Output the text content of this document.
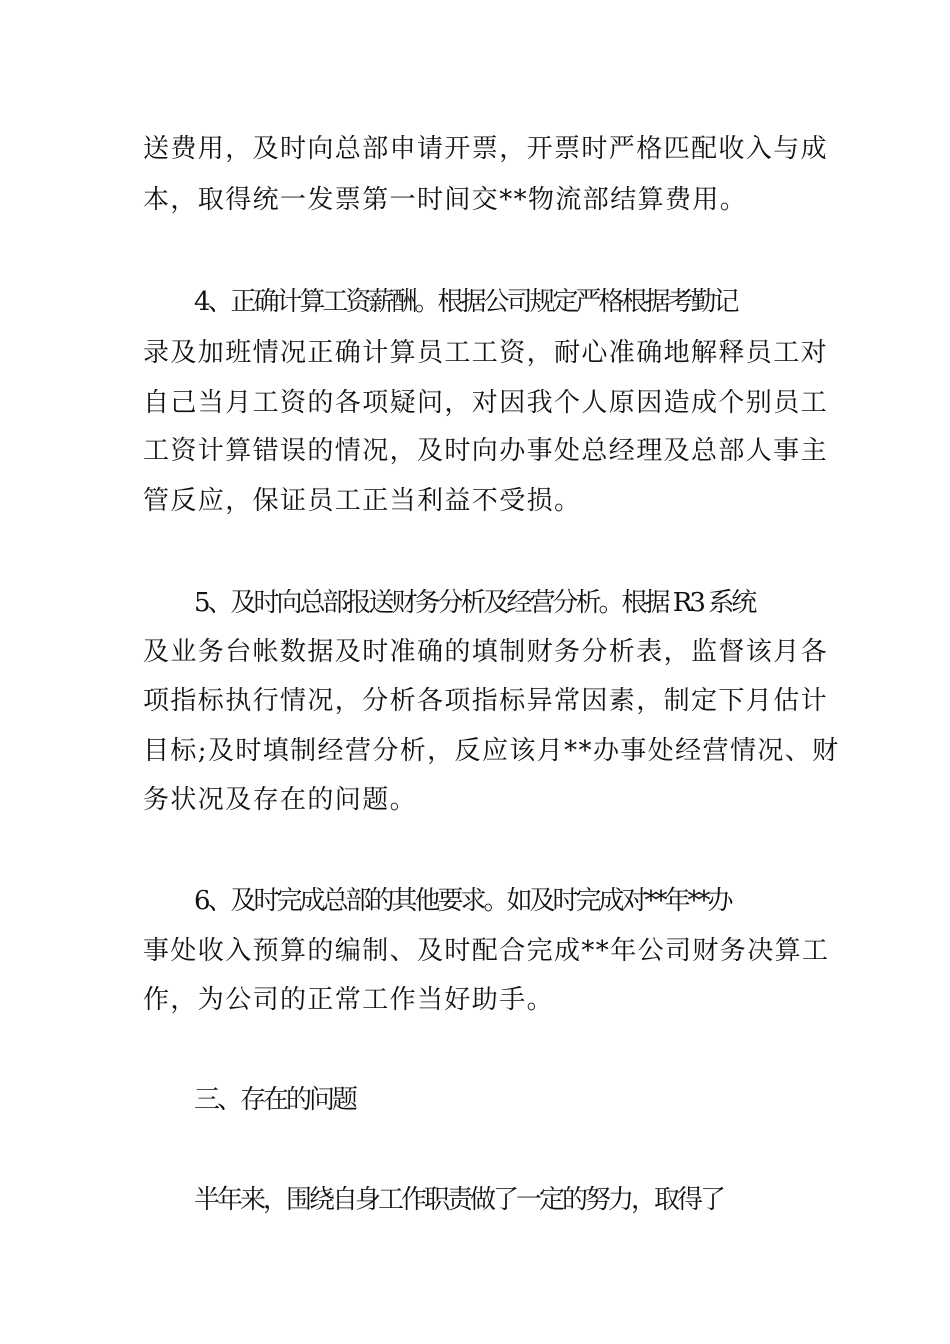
送费用，及时向总部申请开票，开票时严格匹配收入与成
本，取得统一发票第一时间交**物流部结算费用。
4、正确计算工资薪酬。根据公司规定严格根据考勤记
录及加班情况正确计算员工工资，耐心准确地解释员工对
自己当月工资的各项疑问，对因我个人原因造成个别员工
工资计算错误的情况，及时向办事处总经理及总部人事主
管反应，保证员工正当利益不受损。
5、及时向总部报送财务分析及经营分析。根据 R3 系统
及业务台帐数据及时准确的填制财务分析表，监督该月各
项指标执行情况，分析各项指标异常因素，制定下月估计
目标;及时填制经营分析，反应该月**办事处经营情况、财
务状况及存在的问题。
6、及时完成总部的其他要求。如及时完成对**年**办
事处收入预算的编制、及时配合完成**年公司财务决算工
作，为公司的正常工作当好助手。
三、存在的问题
半年来，围绕自身工作职责做了一定的努力，取得了
